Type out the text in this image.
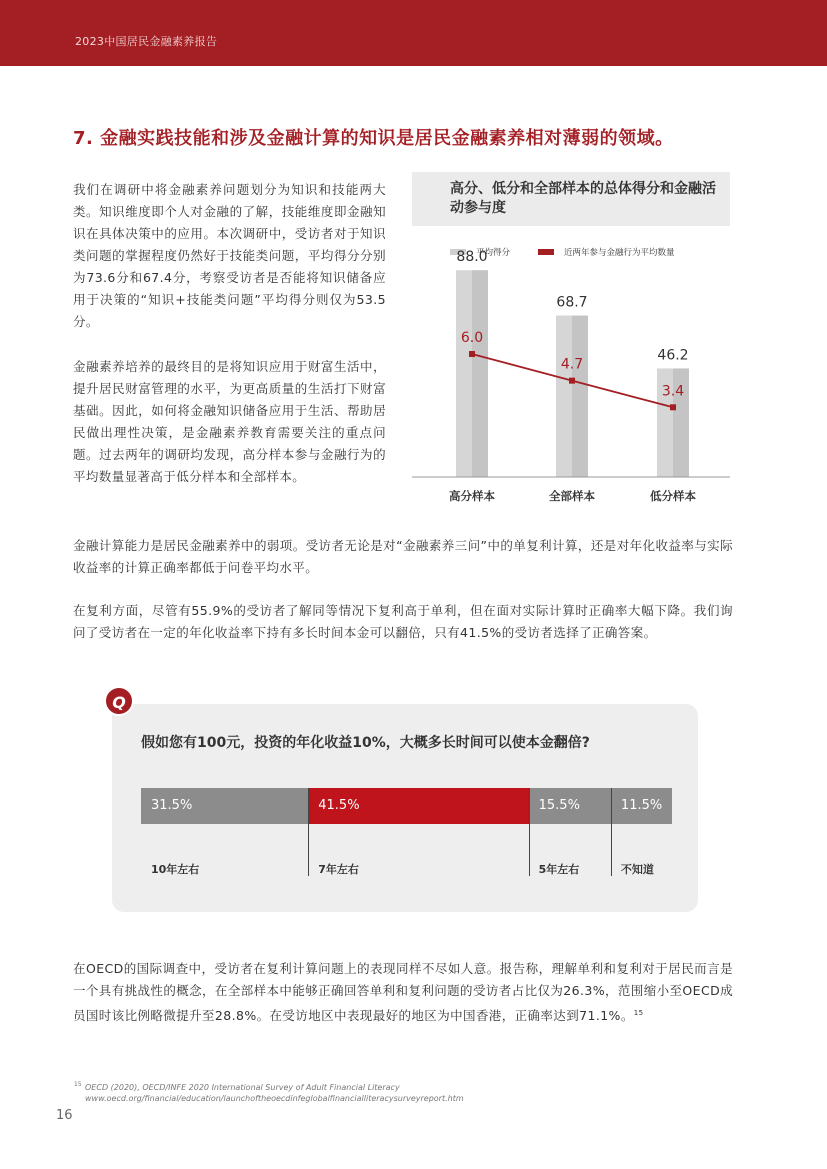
2023中国居民金融素养报告
7. 金融实践技能和涉及金融计算的知识是居民金融素养相对薄弱的领域。
我们在调研中将金融素养问题划分为知识和技能两大类。知识维度即个人对金融的了解，技能维度即金融知识在具体决策中的应用。本次调研中，受访者对于知识类问题的掌握程度仍然好于技能类问题，平均得分分别为73.6分和67.4分，考察受访者是否能将知识储备应用于决策的“知识+技能类问题”平均得分则仅为53.5分。
金融素养培养的最终目的是将知识应用于财富生活中，提升居民财富管理的水平，为更高质量的生活打下财富基础。因此，如何将金融知识储备应用于生活、帮助居民做出理性决策，是金融素养教育需要关注的重点问题。过去两年的调研均发现，高分样本参与金融行为的平均数量显著高于低分样本和全部样本。
金融计算能力是居民金融素养中的弱项。受访者无论是对“金融素养三问”中的单复利计算，还是对年化收益率与实际收益率的计算正确率都低于问卷平均水平。
在复利方面，尽管有55.9%的受访者了解同等情况下复利高于单利，但在面对实际计算时正确率大幅下降。我们询问了受访者在一定的年化收益率下持有多长时间本金可以翻倍，只有41.5%的受访者选择了正确答案。
在OECD的国际调查中，受访者在复利计算问题上的表现同样不尽如人意。报告称，理解单利和复利对于居民而言是一个具有挑战性的概念，在全部样本中能够正确回答单利和复利问题的受访者占比仅为26.3%，范围缩小至OECD成员国时该比例略微提升至28.8%。在受访地区中表现最好的地区为中国香港，正确率达到71.1%。$^{15}$
高分、低分和全部样本的总体得分和金融活动参与度
平均得分	近两年参与金融行为平均数量
88.0
68.7
46.2
6.0
4.7
3.4
高分样本	全部样本	低分样本
Q
假如您有100元，投资的年化收益10%，大概多长时间可以使本金翻倍?
31.5%
10年左右
41.5%
7年左右
15.5%
5年左右
11.5%
不知道
15 OECD (2020), OECD/INFE 2020 International Survey of Adult Financial Literacy
www.oecd.org/financial/education/launchoftheoecdinfeglobalfinancialliteracysurveyreport.htm
16
